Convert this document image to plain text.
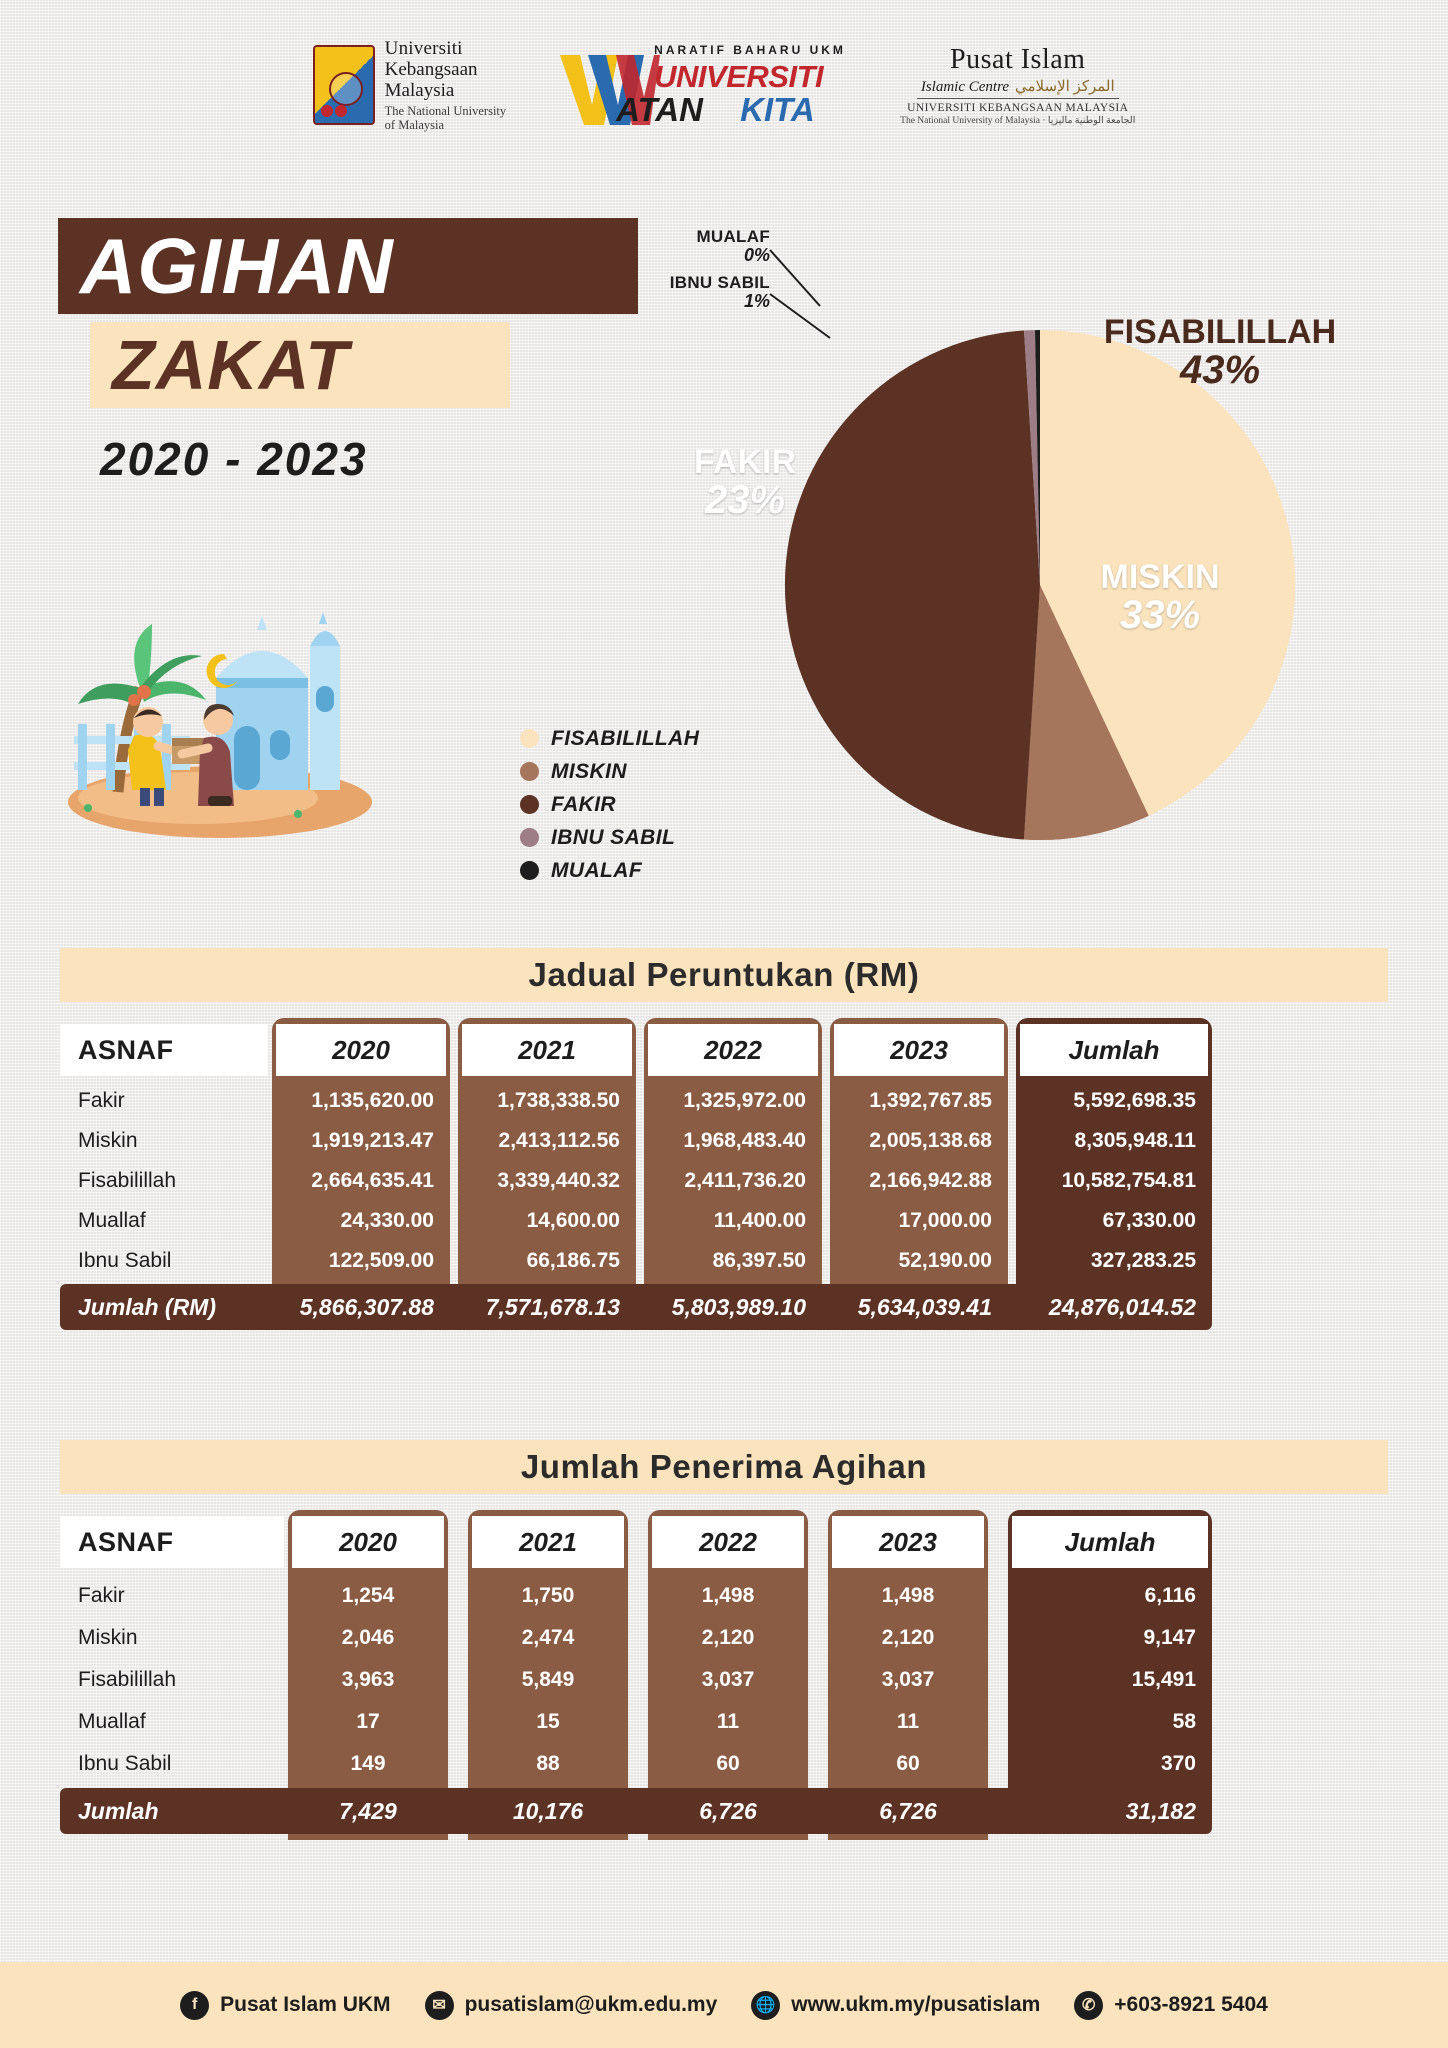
Universiti
Kebangsaan
Malaysia
The National University
of Malaysia
NARATIF BAHARU UKM
UNIVERSITI
ATAN KITA
Pusat Islam
Islamic Centre المركز الإسلامي
UNIVERSITI KEBANGSAAN MALAYSIA
The National University of Malaysia · الجامعة الوطنية ماليزيا
AGIHAN
ZAKAT
2020 - 2023
FISABILILLAH
43%
MISKIN
33%
FAKIR
23%
MUALAF
0%
IBNU SABIL
1%
FISABILILLAH
MISKIN
FAKIR
IBNU SABIL
MUALAF
Jadual Peruntukan (RM)
ASNAF	2020	2021	2022	2023	Jumlah
Fakir	1,135,620.00	1,738,338.50	1,325,972.00	1,392,767.85	5,592,698.35
Miskin	1,919,213.47	2,413,112.56	1,968,483.40	2,005,138.68	8,305,948.11
Fisabilillah	2,664,635.41	3,339,440.32	2,411,736.20	2,166,942.88	10,582,754.81
Muallaf	24,330.00	14,600.00	11,400.00	17,000.00	67,330.00
Ibnu Sabil	122,509.00	66,186.75	86,397.50	52,190.00	327,283.25
Jumlah (RM)	5,866,307.88	7,571,678.13	5,803,989.10	5,634,039.41	24,876,014.52
Jumlah Penerima Agihan
ASNAF	2020	2021	2022	2023	Jumlah
Fakir	1,254	1,750	1,498	1,498	6,116
Miskin	2,046	2,474	2,120	2,120	9,147
Fisabilillah	3,963	5,849	3,037	3,037	15,491
Muallaf	17	15	11	11	58
Ibnu Sabil	149	88	60	60	370
Jumlah	7,429	10,176	6,726	6,726	31,182
f	Pusat Islam UKM	✉ pusatislam@ukm.edu.my 🌐 www.ukm.my/pusatislam	✆ +603-8921 5404
